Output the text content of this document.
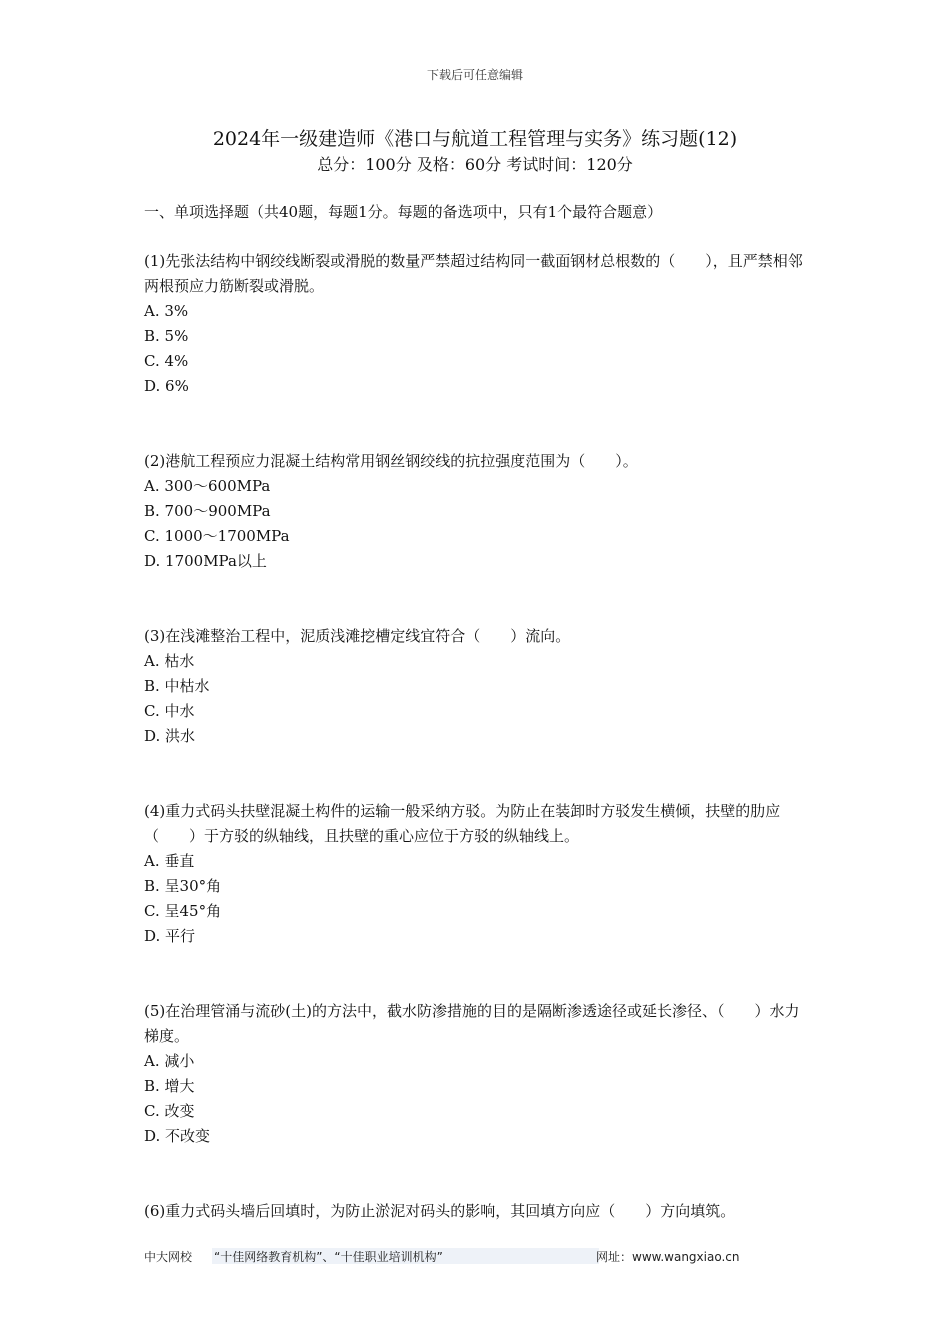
下载后可任意编辑
2024年一级建造师《港口与航道工程管理与实务》练习题(12)
总分：100分 及格：60分 考试时间：120分

一、单项选择题（共40题，每题1分。每题的备选项中，只有1个最符合题意）

(1)先张法结构中钢绞线断裂或滑脱的数量严禁超过结构同一截面钢材总根数的（　　），且严禁相邻两根预应力筋断裂或滑脱。

A. 3%

B. 5%

C. 4%

D. 6%

(2)港航工程预应力混凝土结构常用钢丝钢绞线的抗拉强度范围为（　　）。

A. 300～600MPa

B. 700～900MPa

C. 1000～1700MPa

D. 1700MPa以上

(3)在浅滩整治工程中，泥质浅滩挖槽定线宜符合（　　）流向。

A. 枯水

B. 中枯水

C. 中水

D. 洪水

(4)重力式码头扶壁混凝土构件的运输一般采纳方驳。为防止在装卸时方驳发生横倾，扶壁的肋应（　　）于方驳的纵轴线，且扶壁的重心应位于方驳的纵轴线上。

A. 垂直

B. 呈30°角

C. 呈45°角

D. 平行

(5)在治理管涌与流砂(土)的方法中，截水防渗措施的目的是隔断渗透途径或延长渗径、（　　）水力梯度。

A. 减小

B. 增大

C. 改变

D. 不改变

(6)重力式码头墙后回填时，为防止淤泥对码头的影响，其回填方向应（　　）方向填筑。

中大网校 “十佳网络教育机构”、“十佳职业培训机构”	网址：www.wangxiao.cn
